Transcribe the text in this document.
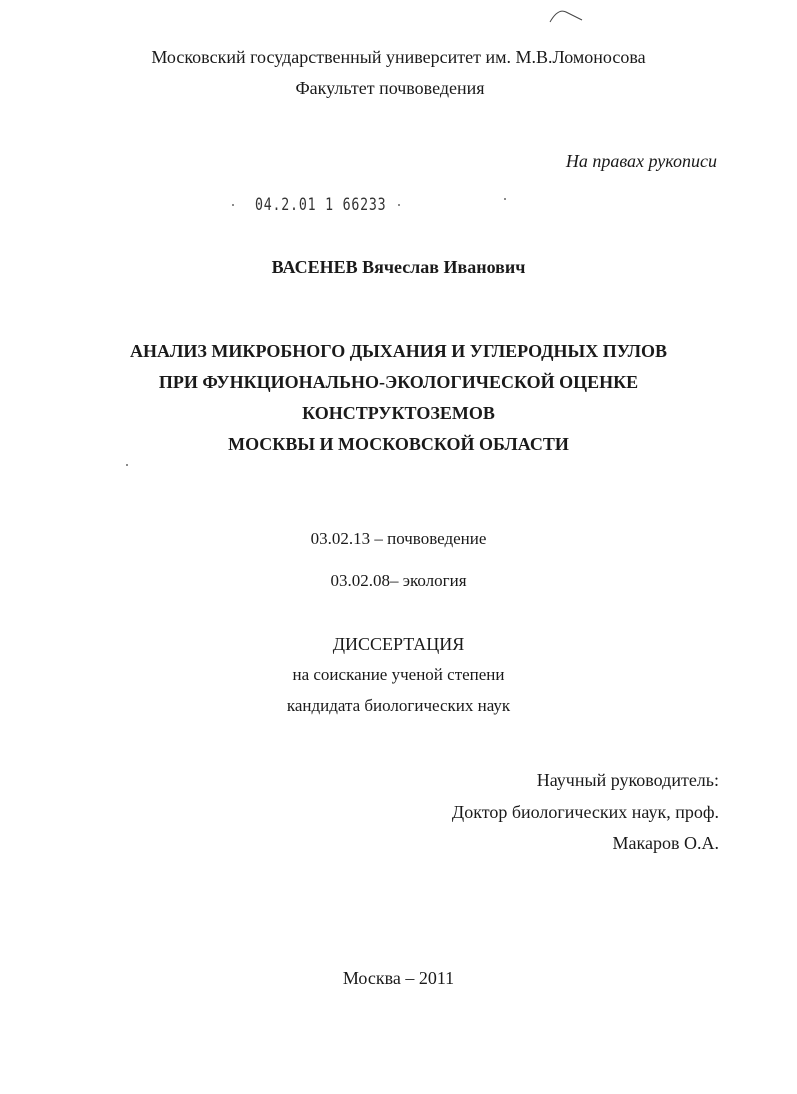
Московский государственный университет им. М.В.Ломоносова
Факультет почвоведения
На правах рукописи
04.2.01 1 66233
ВАСЕНЕВ Вячеслав Иванович
АНАЛИЗ МИКРОБНОГО ДЫХАНИЯ И УГЛЕРОДНЫХ ПУЛОВ
ПРИ ФУНКЦИОНАЛЬНО-ЭКОЛОГИЧЕСКОЙ ОЦЕНКЕ
КОНСТРУКТОЗЕМОВ
МОСКВЫ И МОСКОВСКОЙ ОБЛАСТИ
03.02.13 – почвоведение
03.02.08– экология
ДИССЕРТАЦИЯ
на соискание ученой степени
кандидата биологических наук
Научный руководитель:
Доктор биологических наук, проф.
Макаров О.А.
Москва – 2011
